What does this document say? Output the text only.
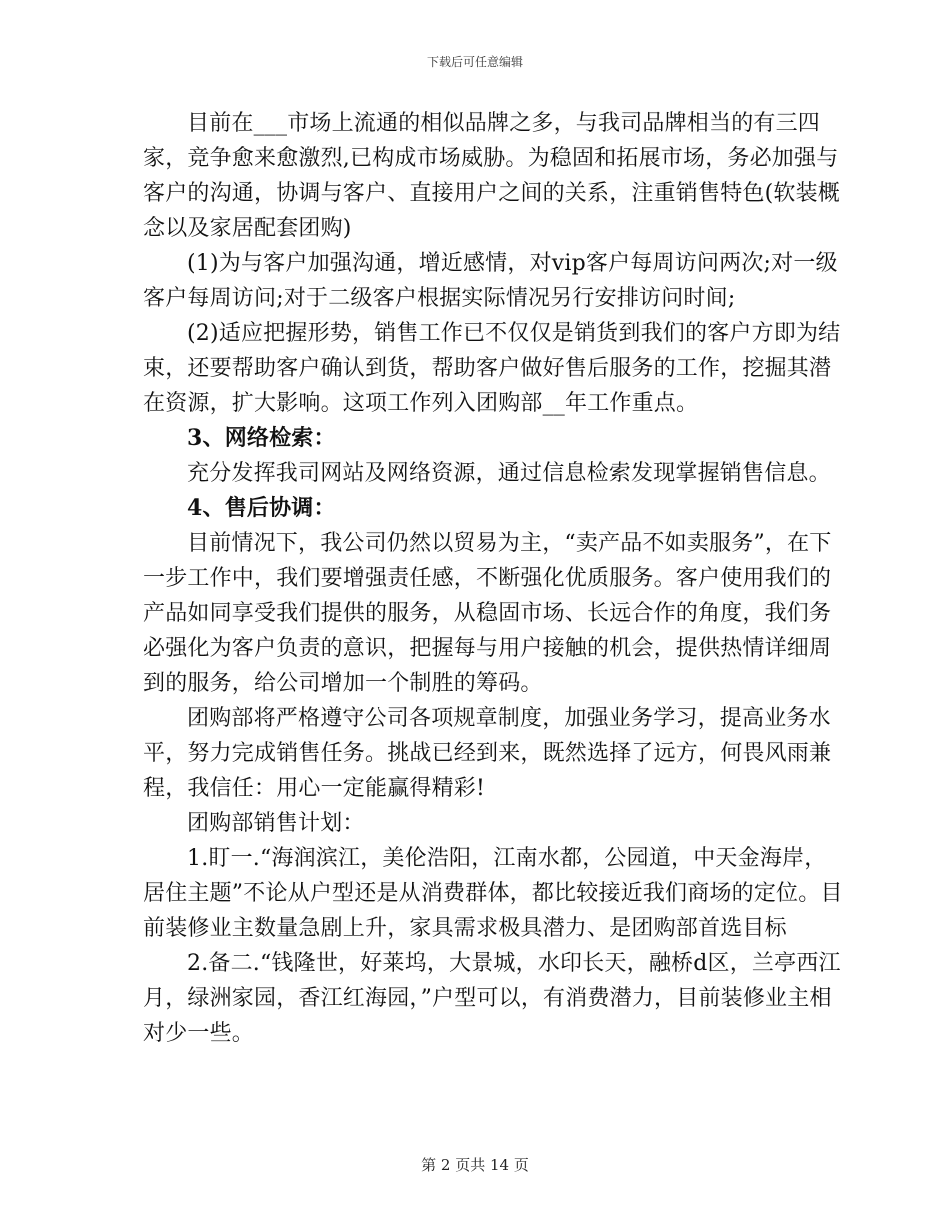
下载后可任意编辑

目前在___市场上流通的相似品牌之多，与我司品牌相当的有三四家，竞争愈来愈激烈,已构成市场威胁。为稳固和拓展市场，务必加强与客户的沟通，协调与客户、直接用户之间的关系，注重销售特色(软装概念以及家居配套团购)

(1)为与客户加强沟通，增近感情，对vip客户每周访问两次;对一级客户每周访问;对于二级客户根据实际情况另行安排访问时间;

(2)适应把握形势，销售工作已不仅仅是销货到我们的客户方即为结束，还要帮助客户确认到货，帮助客户做好售后服务的工作，挖掘其潜在资源，扩大影响。这项工作列入团购部__年工作重点。

3、网络检索：

充分发挥我司网站及网络资源，通过信息检索发现掌握销售信息。

4、售后协调：

目前情况下，我公司仍然以贸易为主，“卖产品不如卖服务”，在下一步工作中，我们要增强责任感，不断强化优质服务。客户使用我们的产品如同享受我们提供的服务，从稳固市场、长远合作的角度，我们务必强化为客户负责的意识，把握每与用户接触的机会，提供热情详细周到的服务，给公司增加一个制胜的筹码。

团购部将严格遵守公司各项规章制度，加强业务学习，提高业务水平，努力完成销售任务。挑战已经到来，既然选择了远方，何畏风雨兼程，我信任：用心一定能赢得精彩!

团购部销售计划：

1.盯一.“海润滨江，美伦浩阳，江南水都，公园道，中天金海岸，居住主题”不论从户型还是从消费群体，都比较接近我们商场的定位。目前装修业主数量急剧上升，家具需求极具潜力、是团购部首选目标

2.备二.“钱隆世，好莱坞，大景城，水印长天，融桥d区，兰亭西江月，绿洲家园，香江红海园，”户型可以，有消费潜力，目前装修业主相对少一些。

第 2 页共 14 页
